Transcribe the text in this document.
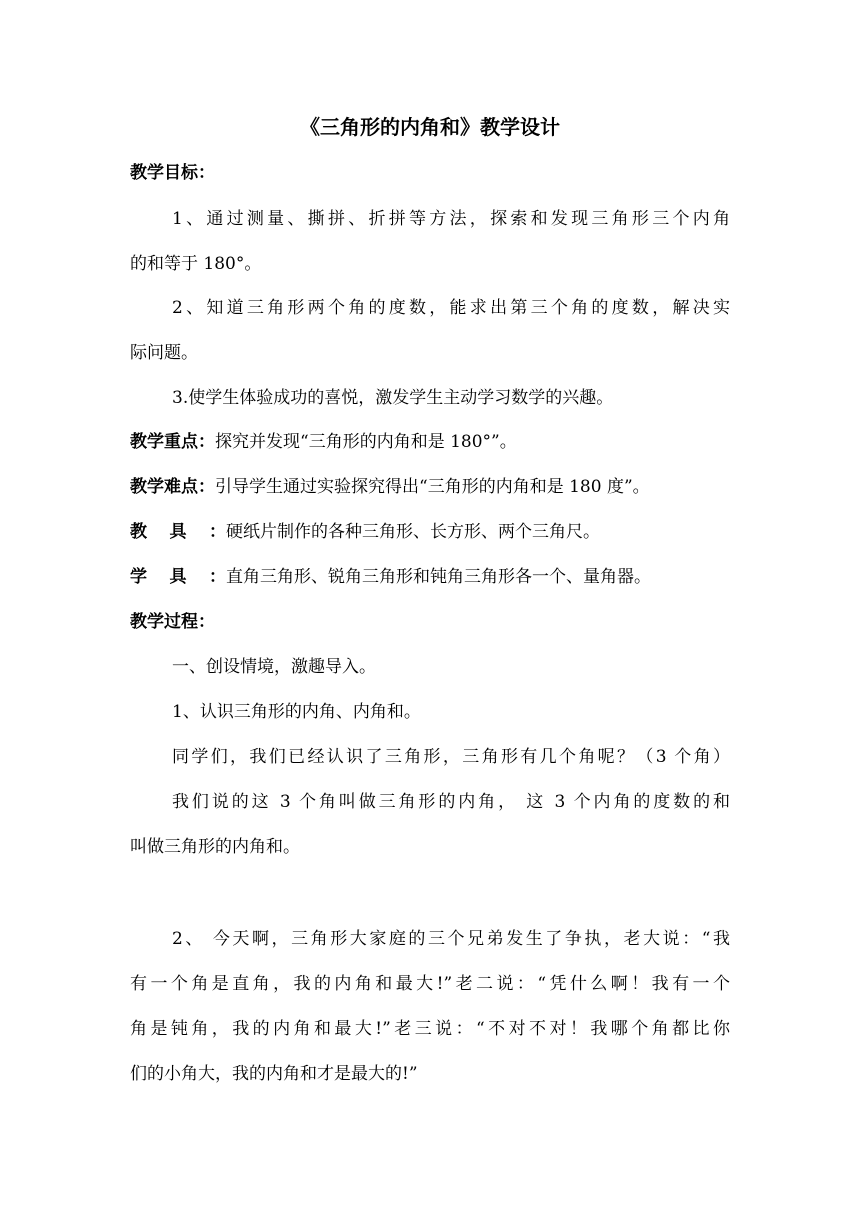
《三角形的内角和》教学设计

教学目标：

1、通过测量、撕拼、折拼等方法，探索和发现三角形三个内角

的和等于 180°。

2、知道三角形两个角的度数，能求出第三个角的度数，解决实

际问题。

3.使学生体验成功的喜悦，激发学生主动学习数学的兴趣。

教学重点：探究并发现“三角形的内角和是 180°”。

教学难点：引导学生通过实验探究得出“三角形的内角和是 180 度”。

教具：硬纸片制作的各种三角形、长方形、两个三角尺。

学具：直角三角形、锐角三角形和钝角三角形各一个、量角器。

教学过程：

一、创设情境，激趣导入。

1、认识三角形的内角、内角和。

同学们，我们已经认识了三角形，三角形有几个角呢？（3 个角）

我们说的这 3 个角叫做三角形的内角， 这 3 个内角的度数的和

叫做三角形的内角和。

2、 今天啊，三角形大家庭的三个兄弟发生了争执，老大说：“我

有一个角是直角，我的内角和最大!”老二说：“凭什么啊！我有一个

角是钝角，我的内角和最大!”老三说：“不对不对！我哪个角都比你

们的小角大，我的内角和才是最大的!”
